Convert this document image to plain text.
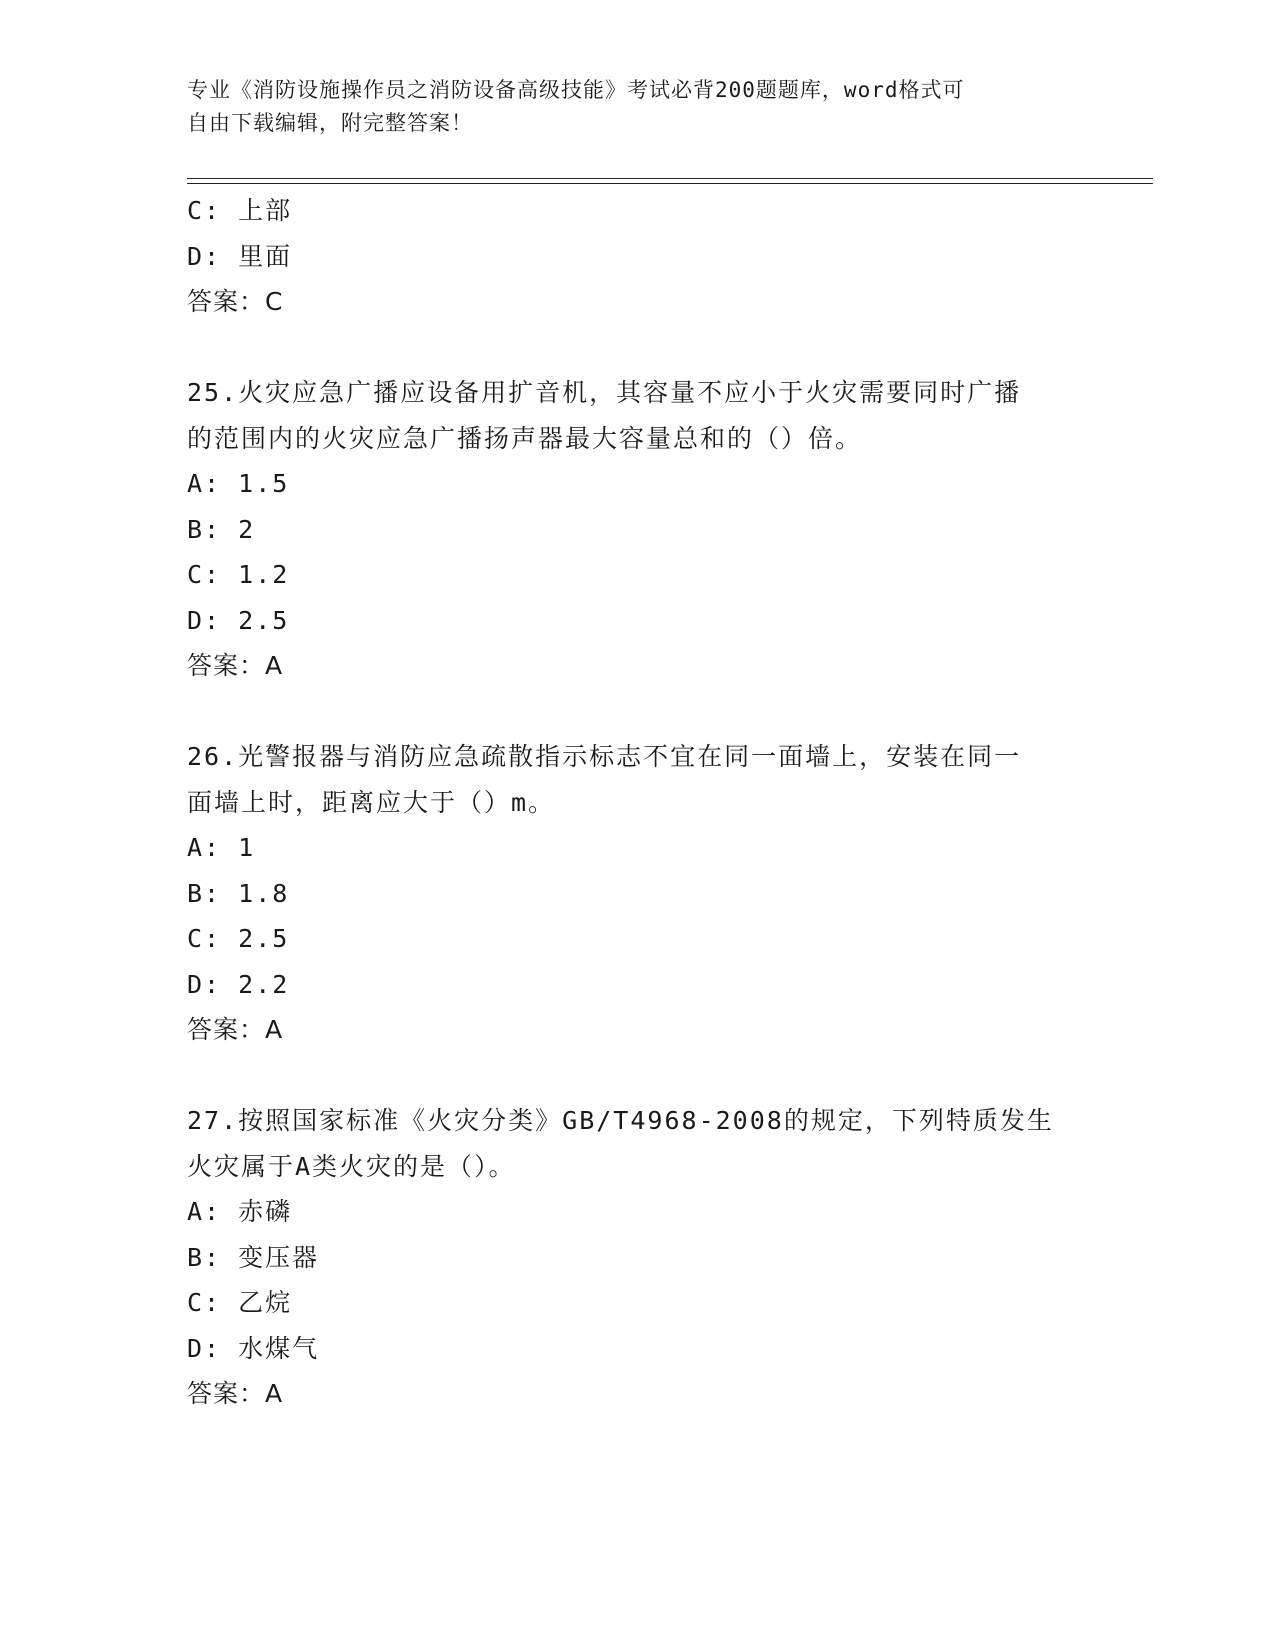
专业《消防设施操作员之消防设备高级技能》考试必背200题题库，word格式可
自由下载编辑，附完整答案！
C: 上部
D: 里面
答案：C
25.火灾应急广播应设备用扩音机，其容量不应小于火灾需要同时广播
的范围内的火灾应急广播扬声器最大容量总和的（）倍。
A: 1.5
B: 2
C: 1.2
D: 2.5
答案：A
26.光警报器与消防应急疏散指示标志不宜在同一面墙上，安装在同一
面墙上时，距离应大于（）m。
A: 1
B: 1.8
C: 2.5
D: 2.2
答案：A
27.按照国家标准《火灾分类》GB/T4968-2008的规定，下列特质发生
火灾属于A类火灾的是（）。
A: 赤磷
B: 变压器
C: 乙烷
D: 水煤气
答案：A
